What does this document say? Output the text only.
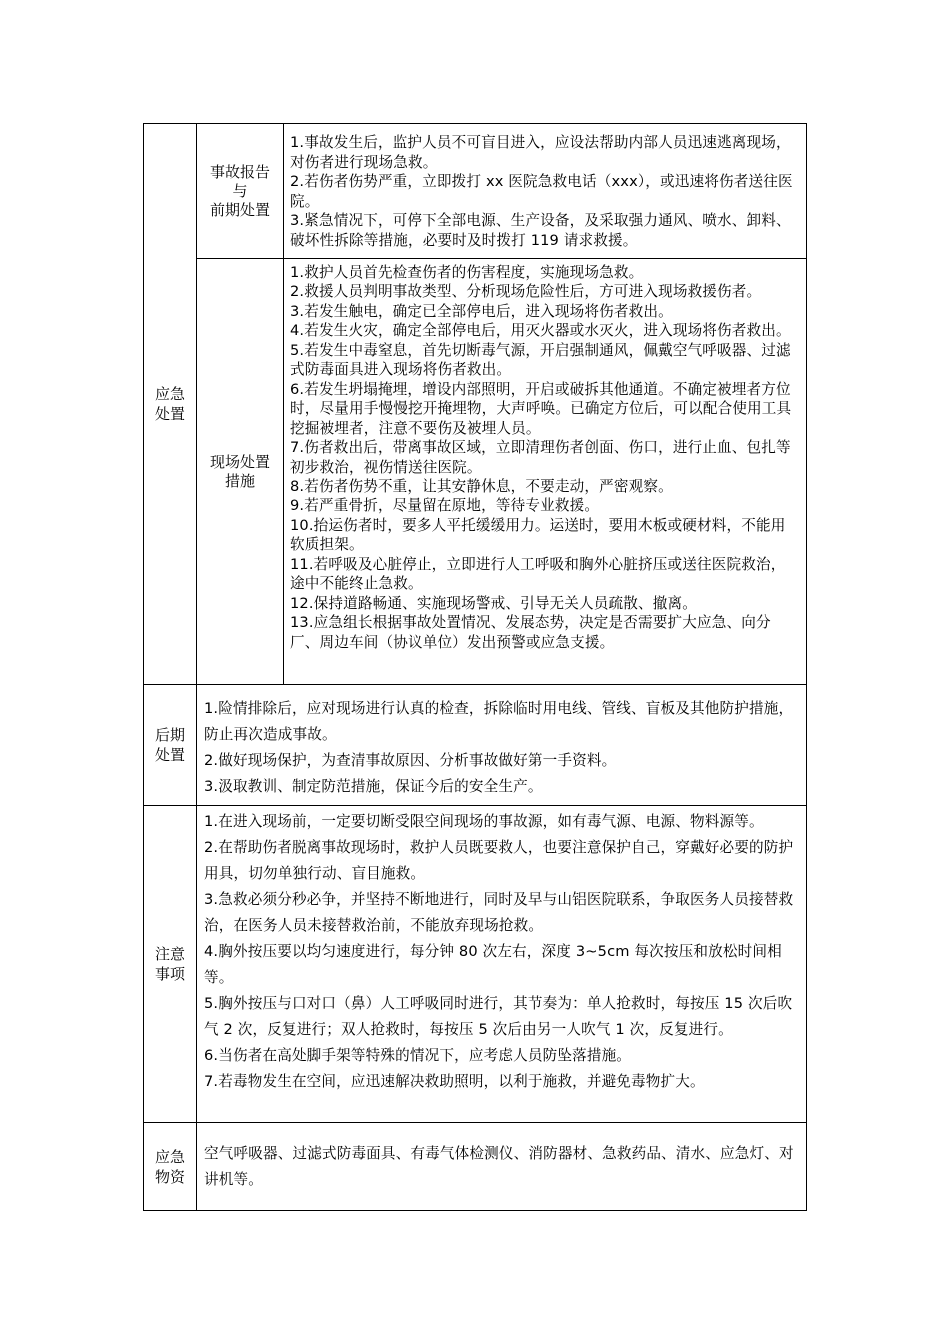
应急
处置
事故报告
与
前期处置

1.事故发生后，监护人员不可盲目进入，应设法帮助内部人员迅速逃离现场，对伤者进行现场急救。

2.若伤者伤势严重，立即拨打 xx 医院急救电话（xxx），或迅速将伤者送往医院。

3.紧急情况下，可停下全部电源、生产设备，及采取强力通风、喷水、卸料、破坏性拆除等措施，必要时及时拨打 119 请求救援。

现场处置
措施

1.救护人员首先检查伤者的伤害程度，实施现场急救。

2.救援人员判明事故类型、分析现场危险性后，方可进入现场救援伤者。

3.若发生触电，确定已全部停电后，进入现场将伤者救出。

4.若发生火灾，确定全部停电后，用灭火器或水灭火，进入现场将伤者救出。

5.若发生中毒窒息，首先切断毒气源，开启强制通风，佩戴空气呼吸器、过滤式防毒面具进入现场将伤者救出。

6.若发生坍塌掩埋，增设内部照明，开启或破拆其他通道。不确定被埋者方位时，尽量用手慢慢挖开掩埋物，大声呼唤。已确定方位后，可以配合使用工具挖掘被埋者，注意不要伤及被埋人员。

7.伤者救出后，带离事故区域，立即清理伤者创面、伤口，进行止血、包扎等初步救治，视伤情送往医院。

8.若伤者伤势不重，让其安静休息，不要走动，严密观察。

9.若严重骨折，尽量留在原地，等待专业救援。

10.抬运伤者时，要多人平托缓缓用力。运送时，要用木板或硬材料，不能用软质担架。

11.若呼吸及心脏停止，立即进行人工呼吸和胸外心脏挤压或送往医院救治，途中不能终止急救。

12.保持道路畅通、实施现场警戒、引导无关人员疏散、撤离。

13.应急组长根据事故处置情况、发展态势，决定是否需要扩大应急、向分厂、周边车间（协议单位）发出预警或应急支援。

后期
处置

1.险情排除后，应对现场进行认真的检查，拆除临时用电线、管线、盲板及其他防护措施，防止再次造成事故。

2.做好现场保护，为查清事故原因、分析事故做好第一手资料。

3.汲取教训、制定防范措施，保证今后的安全生产。

注意
事项

1.在进入现场前，一定要切断受限空间现场的事故源，如有毒气源、电源、物料源等。

2.在帮助伤者脱离事故现场时，救护人员既要救人，也要注意保护自己，穿戴好必要的防护用具，切勿单独行动、盲目施救。

3.急救必须分秒必争，并坚持不断地进行，同时及早与山铝医院联系，争取医务人员接替救治，在医务人员未接替救治前，不能放弃现场抢救。

4.胸外按压要以均匀速度进行，每分钟 80 次左右，深度 3~5cm 每次按压和放松时间相等。

5.胸外按压与口对口（鼻）人工呼吸同时进行，其节奏为：单人抢救时，每按压 15 次后吹气 2 次，反复进行；双人抢救时，每按压 5 次后由另一人吹气 1 次，反复进行。

6.当伤者在高处脚手架等特殊的情况下，应考虑人员防坠落措施。

7.若毒物发生在空间，应迅速解决救助照明，以利于施救，并避免毒物扩大。

应急
物资

空气呼吸器、过滤式防毒面具、有毒气体检测仪、消防器材、急救药品、清水、应急灯、对讲机等。
